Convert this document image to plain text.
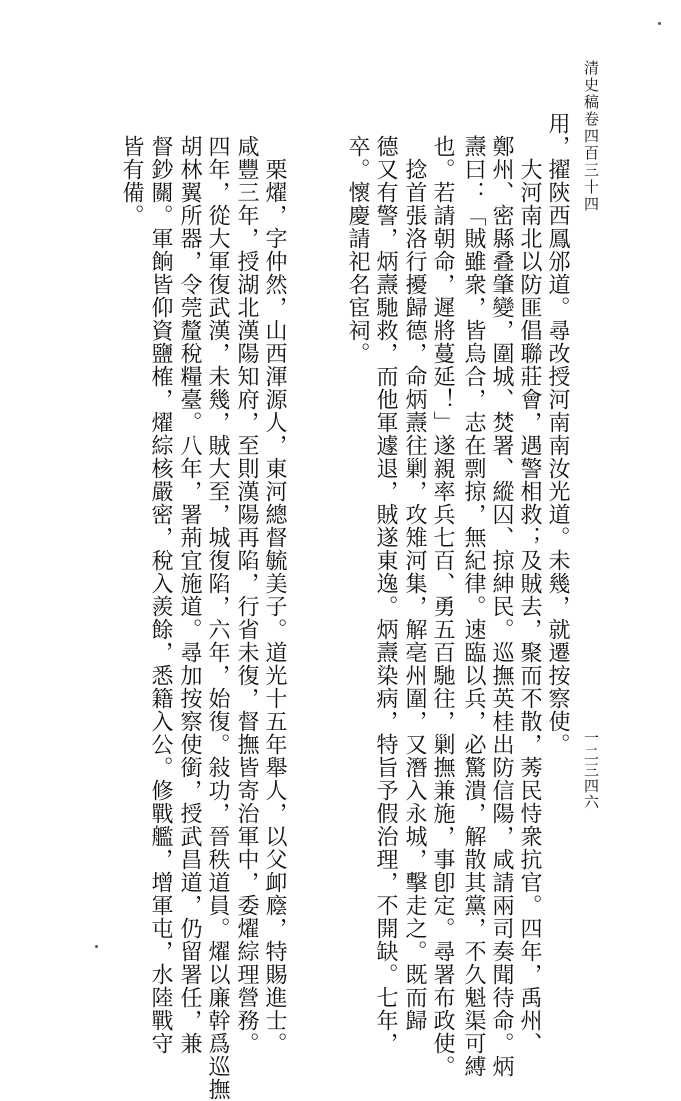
清史稿卷四百三十四
一二三四六
用，擢陝西鳳邠道。尋改授河南南汝光道。未幾，就遷按察使。
大河南北以防匪倡聯莊會，遇警相救；及賊去，聚而不散，莠民恃衆抗官。四年，禹州、
鄭州、密縣叠肇變，圍城、焚署、縱囚、掠紳民。巡撫英桂出防信陽，咸請兩司奏聞待命。炳
燾曰：「賊雖衆，皆烏合，志在剽掠，無紀律。速臨以兵，必驚潰，解散其黨，不久魁渠可縛
也。若請朝命，遲將蔓延！」遂親率兵七百、勇五百馳往，剿撫兼施，事卽定。尋署布政使。
捻首張洛行擾歸德，命炳燾往剿，攻雉河集，解亳州圍，又潛入永城，擊走之。既而歸
德又有警，炳燾馳救，而他軍遽退，賊遂東逸。炳燾染病，特旨予假治理，不開缺。七年，
卒。懷慶請祀名宦祠。
栗燿，字仲然，山西渾源人，東河總督毓美子。道光十五年舉人，以父卹廕，特賜進士。
咸豐三年，授湖北漢陽知府，至則漢陽再陷，行省未復，督撫皆寄治軍中，委燿綜理營務。
四年，從大軍復武漢，未幾，賊大至，城復陷，六年，始復。敍功，晉秩道員。燿以廉幹爲巡撫
胡林翼所器，令莞釐稅糧臺。八年，署荊宜施道。尋加按察使銜，授武昌道，仍留署任，兼
督鈔關。軍餉皆仰資鹽榷，燿綜核嚴密，稅入羨餘，悉籍入公。修戰艦，增軍屯，水陸戰守
皆有備。
